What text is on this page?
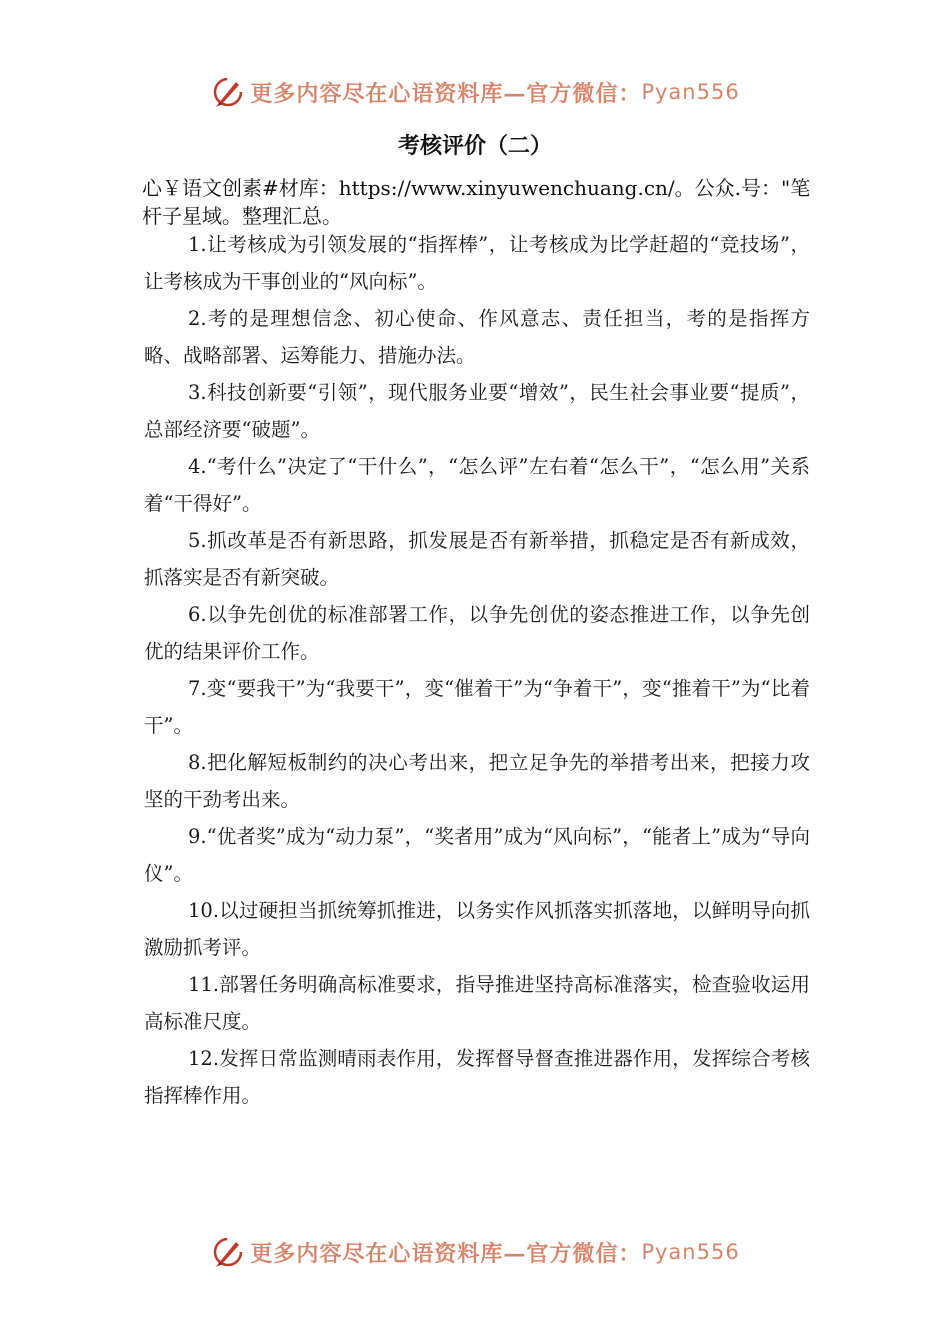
更多内容尽在心语资料库—官方微信： Pyan556
考核评价（二）
心￥语文创素#材库：https://www.xinyuwenchuang.cn/。公众.号："笔杆子星域。整理汇总。
1.让考核成为引领发展的“指挥棒”，让考核成为比学赶超的“竞技场”，让考核成为干事创业的“风向标”。
2.考的是理想信念、初心使命、作风意志、责任担当，考的是指挥方略、战略部署、运筹能力、措施办法。
3.科技创新要“引领”，现代服务业要“增效”，民生社会事业要“提质”，总部经济要“破题”。
4.“考什么”决定了“干什么”，“怎么评”左右着“怎么干”，“怎么用”关系着“干得好”。
5.抓改革是否有新思路，抓发展是否有新举措，抓稳定是否有新成效，抓落实是否有新突破。
6.以争先创优的标准部署工作，以争先创优的姿态推进工作，以争先创优的结果评价工作。
7.变“要我干”为“我要干”，变“催着干”为“争着干”，变“推着干”为“比着干”。
8.把化解短板制约的决心考出来，把立足争先的举措考出来，把接力攻坚的干劲考出来。
9.“优者奖”成为“动力泵”，“奖者用”成为“风向标”，“能者上”成为“导向仪”。
10.以过硬担当抓统筹抓推进，以务实作风抓落实抓落地，以鲜明导向抓激励抓考评。
11.部署任务明确高标准要求，指导推进坚持高标准落实，检查验收运用高标准尺度。
12.发挥日常监测晴雨表作用，发挥督导督查推进器作用，发挥综合考核指挥棒作用。
更多内容尽在心语资料库—官方微信： Pyan556
